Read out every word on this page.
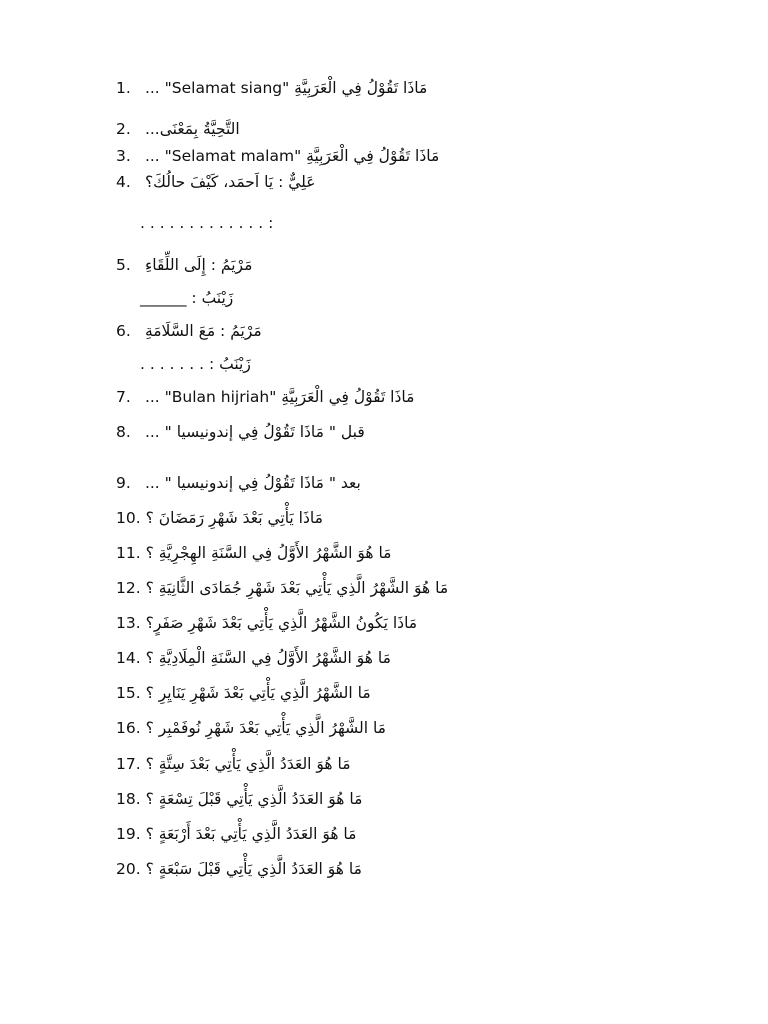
1. مَاذَا تَقُوْلُ فِي الْعَرَبِيَّةِ "Selamat siang" ...
2. التَّحِيَّةُ بِمَعْنَى...
3. مَاذَا تَقُوْلُ فِي الْعَرَبِيَّةِ "Selamat malam" ...
4. عَلِيٌّ : يَا اَحمَد، كَيْفَ حالُكَ؟
. . . . . . . . . . . . . :
5. مَرْيَمُ : إِلَى اللِّقَاءِ
زَيْنَبُ : ______
6. مَرْيَمُ : مَعَ السَّلَامَةِ
زَيْنَبُ : . . . . . . .
7. مَاذَا تَقُوْلُ فِي الْعَرَبِيَّةِ "Bulan hijriah" ...
8. قبل " مَاذَا تَقُوْلُ فِي إندونيسيا " ...
9. بعد " مَاذَا تَقُوْلُ فِي إندونيسيا " ...
10. مَاذَا يَأْتِي بَعْدَ شَهْرِ رَمَضَانَ ؟
11. مَا هُوَ الشَّهْرُ الأَوَّلُ فِي السَّنَةِ الهِجْرِيَّةِ ؟
12. مَا هُوَ الشَّهْرُ الَّذِي يَأْتِي بَعْدَ شَهْرِ جُمَادَى الثَّانِيَةِ ؟
13. مَاذَا يَكُونُ الشَّهْرُ الَّذِي يَأْتِي بَعْدَ شَهْرِ صَفَرٍ؟
14. مَا هُوَ الشَّهْرُ الأَوَّلُ فِي السَّنَةِ الْمِلَادِيَّةِ ؟
15. مَا الشَّهْرُ الَّذِي يَأْتِي بَعْدَ شَهْرِ يَنَايِرِ ؟
16. مَا الشَّهْرُ الَّذِي يَأْتِي بَعْدَ شَهْرِ نُوفَمْبِر ؟
17. مَا هُوَ العَدَدُ الَّذِي يَأْتِي بَعْدَ سِتَّةٍ ؟
18. مَا هُوَ العَدَدُ الَّذِي يَأْتِي قَبْلَ تِسْعَةٍ ؟
19. مَا هُوَ العَدَدُ الَّذِي يَأْتِي بَعْدَ أَرْبَعَةٍ ؟
20. مَا هُوَ العَدَدُ الَّذِي يَأْتِي قَبْلَ سَبْعَةٍ ؟
